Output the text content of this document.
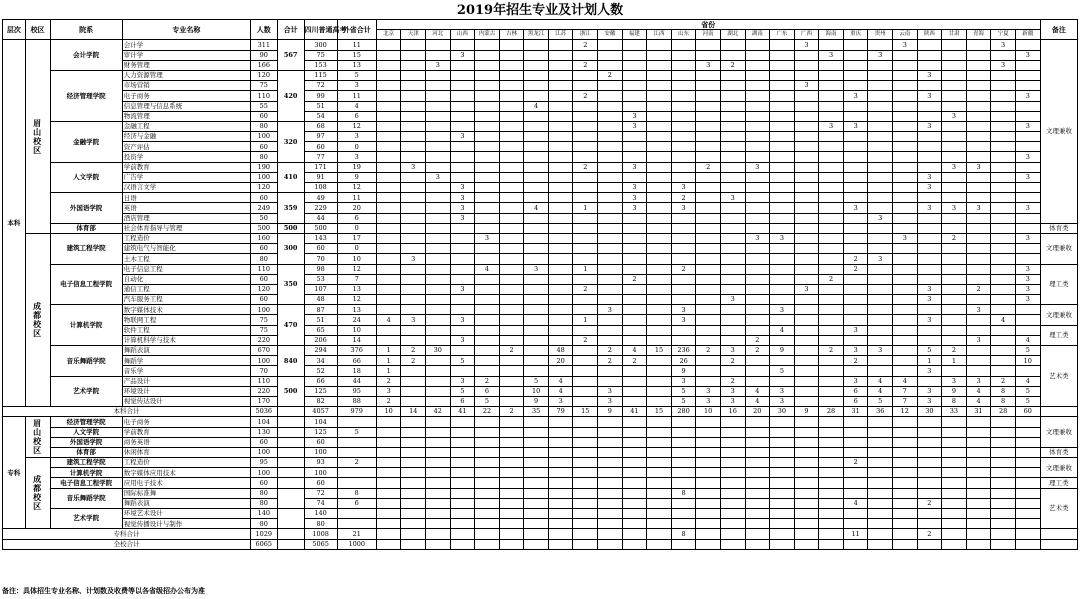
2019年招生专业及计划人数
层次	校区	院系	专业名称	人数	合计	四川普通高考	外省合计	省份																											备注
								北京	天津	河北	山西	内蒙古	吉林	黑龙江	江苏	浙江	安徽	福建	江西	山东	河南	湖北	湖南	广东	广西	海南	重庆	贵州	云南	陕西	甘肃	青海	宁夏	新疆	
本科	眉山校区	会计学院	会计学	311	567	300	11									2									3				3				3		文理兼收
			审计学	90		75	15				3															3		3						3	
			财务管理	166		153	13			3						2					3	2											3		
		经济管理学院	人力资源管理	120	420	115	5										2													3					
			市场营销	75		72	3																		3										
			电子商务	110		99	11									2											3			3				3	
			信息管理与信息系统	55		51	4							4																					
			物流管理	60		54	6											3													3				
		金融学院	金融工程	80	320	68	12											3								3	3			3				3	
			经济与金融	100		97	3				3																								
			资产评估	60		60	0																												
			投资学	80		77	3																											3	
		人文学院	学前教育	190	410	171	19		3							2		3			2		3								3	3			
			广告学	100		91	9			3																				3				3	
			汉语言文学	120		108	12				3							3		3										3					
		外国语学院	日语	60	359	49	11				3							3		2		3													
			英语	249		229	20				3			4		1		3		3							3			3	3	3		3	
			酒店管理	50		44	6				3																	3							
		体育部	社会体育指导与管理	500	500	500	0																												体育类
	成都校区	建筑工程学院	工程造价	160	300	143	17					3											3	3					3		2			3	文理兼收
			建筑电气与智能化	60		60	0																												
			土木工程	80		70	10		3																		2	3							
		电子信息工程学院	电子信息工程	110	350	98	12					4		3		1				2							2							3	理工类
			自动化	60		53	7											2								2								3	
			通信工程	120		107	13				3					2									3					3		2		3	
			汽车服务工程	60		48	12															3								3				3	
		计算机学院	数字媒体技术	100	470	87	13										3			3				3								3			文理兼收
			物联网工程	75		51	24	4	3		3					1				3										3			4		
			软件工程	75		65	10																	4			3								理工类
			计算机科学与技术	220		206	14				3					2							2									3		4	
		音乐舞蹈学院	舞蹈表演	670	840	294	376	1	2	30			2		48		2	4	15	236	2	3	2	9		2	3	3		5	2			5	艺术类
			舞蹈学	100		34	66	1	2		5				20		2	2		26		2					2			1	1			10	
			音乐学	70		52	18	1												9				5						3					
		艺术学院	产品设计	110	500	66	44	2			3	2		5	4					3		2					3	4	4		3	3	2	4	
			环境设计	220		125	95	3			5	6		10	4		3			5	3	3	4	3			6	4	7	3	9	4	8	5	
			视觉传达设计	170		82	88	2			6	5		9	3		3			5	3	3	4	3			6	5	7	3	8	4	8	5	
本科合计				5036		4057	979	10	14	42	41	22	2	35	79	15	9	41	15	280	10	16	20	30	9	28	31	36	12	30	33	31	28	60	
专科	眉山校区	经济管理学院	电子商务	104		104																													文理兼收
		人文学院	学前教育	130		125	5																												
		外国语学院	商务英语	60		60																													
		体育部	休闲体育	100		100																													体育类
	成都校区	建筑工程学院	工程造价	95		93	2																				2								文理兼收
		计算机学院	数字媒体应用技术	100		100																													
		电子信息工程学院	应用电子技术	60		60																													理工类
		音乐舞蹈学院	国际标准舞	80		72	8													8															艺术类
			舞蹈表演	80		74	6																				4			2					
		艺术学院	环境艺术设计	140		140																													
			视觉传播设计与制作	80		80																													
专科合计				1029		1008	21													8							11			2					
全校合计				6065		5065	1000																												
备注：具体招生专业名称、计划数及收费等以各省级招办公布为准
